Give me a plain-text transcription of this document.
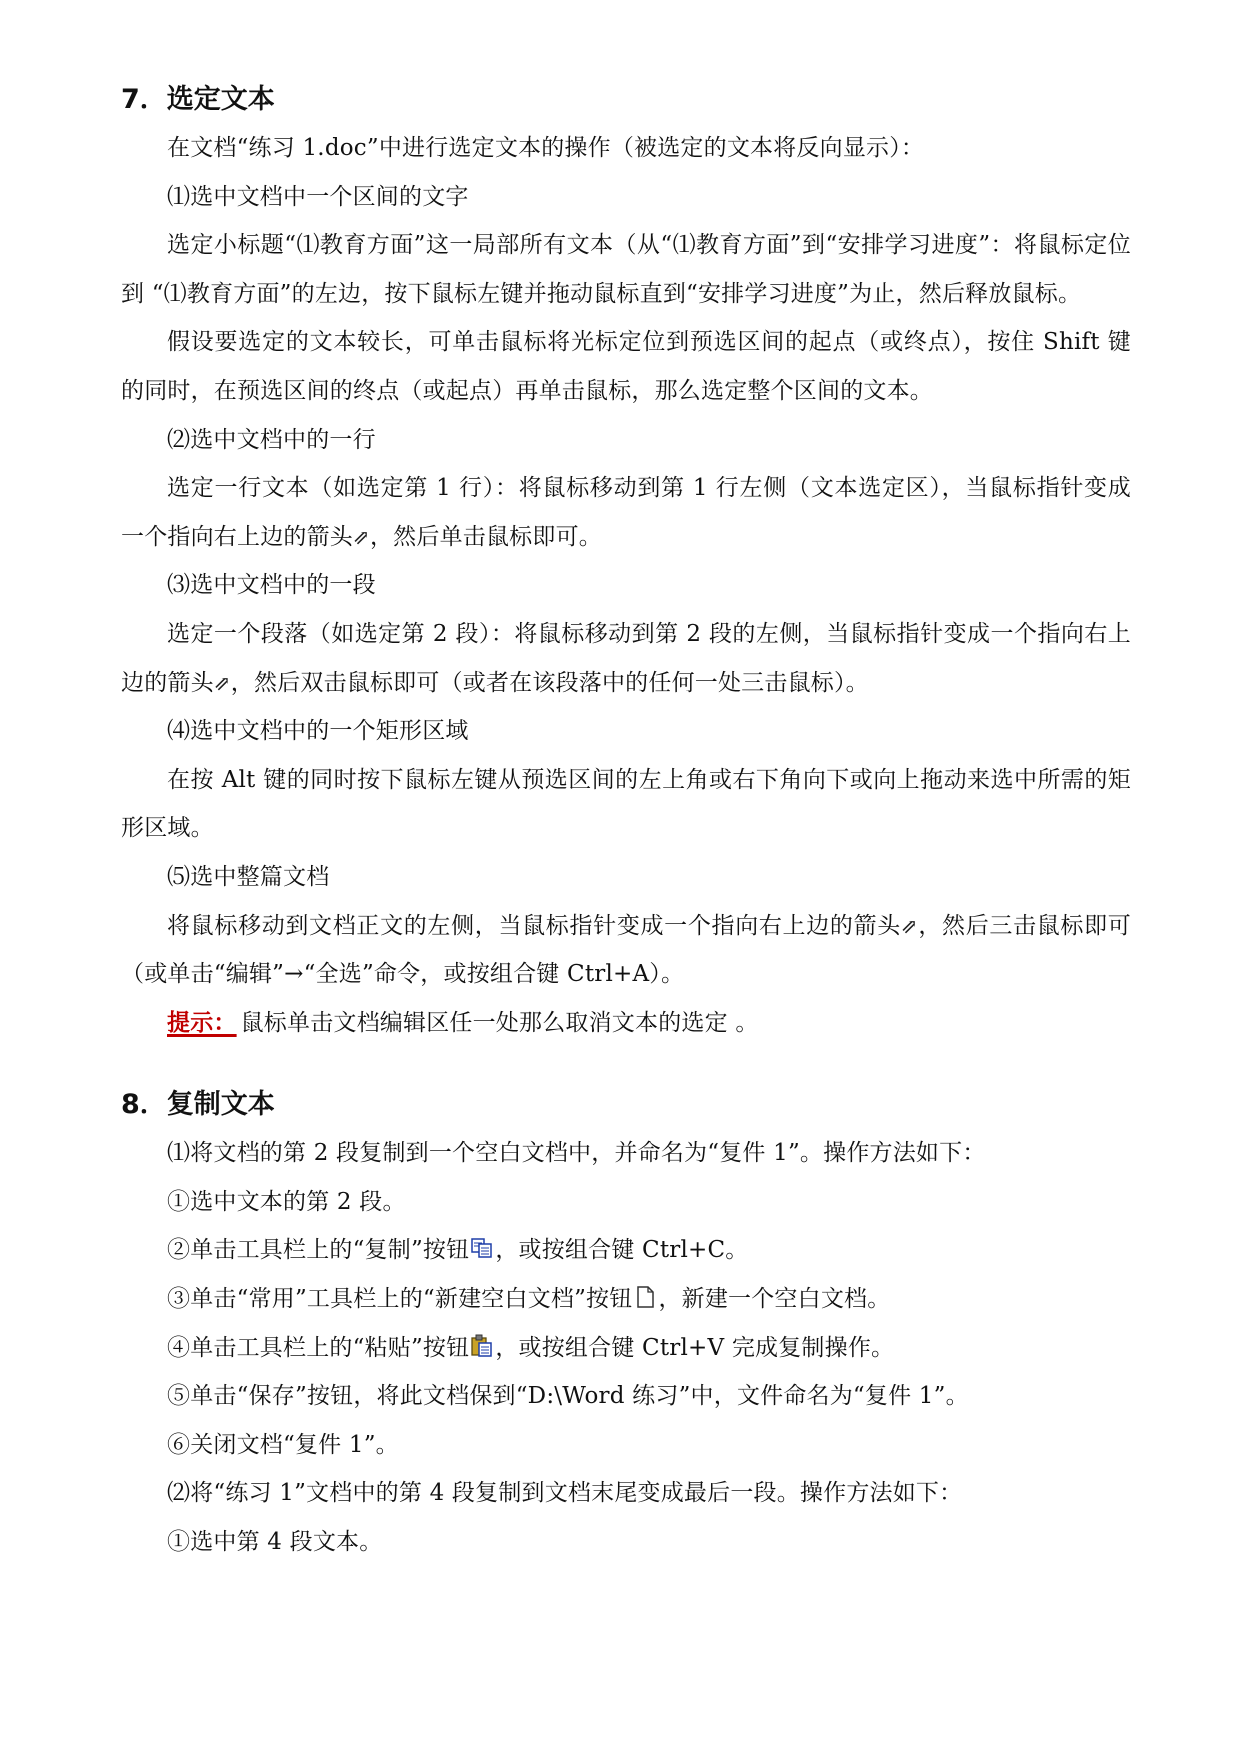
7．选定文本

在文档“练习 1.doc”中进行选定文本的操作（被选定的文本将反向显示）：

⑴选中文档中一个区间的文字

选定小标题“⑴教育方面”这一局部所有文本（从“⑴教育方面”到“安排学习进度”：将鼠标定位到 “⑴教育方面”的左边，按下鼠标左键并拖动鼠标直到“安排学习进度”为止，然后释放鼠标。

假设要选定的文本较长，可单击鼠标将光标定位到预选区间的起点（或终点），按住 Shift 键的同时，在预选区间的终点（或起点）再单击鼠标，那么选定整个区间的文本。

⑵选中文档中的一行

选定一行文本（如选定第 1 行）：将鼠标移动到第 1 行左侧（文本选定区），当鼠标指针变成一个指向右上边的箭头⇗，然后单击鼠标即可。

⑶选中文档中的一段

选定一个段落（如选定第 2 段）：将鼠标移动到第 2 段的左侧，当鼠标指针变成一个指向右上边的箭头⇗，然后双击鼠标即可（或者在该段落中的任何一处三击鼠标）。

⑷选中文档中的一个矩形区域

在按 Alt 键的同时按下鼠标左键从预选区间的左上角或右下角向下或向上拖动来选中所需的矩形区域。

⑸选中整篇文档

将鼠标移动到文档正文的左侧，当鼠标指针变成一个指向右上边的箭头⇗，然后三击鼠标即可（或单击“编辑”→“全选”命令，或按组合键 Ctrl+A）。

提示： 鼠标单击文档编辑区任一处那么取消文本的选定 。

8．复制文本

⑴将文档的第 2 段复制到一个空白文档中，并命名为“复件 1”。操作方法如下：

①选中文本的第 2 段。

②单击工具栏上的“复制”按钮 ，或按组合键 Ctrl+C。

③单击“常用”工具栏上的“新建空白文档”按钮 ，新建一个空白文档。

④单击工具栏上的“粘贴”按钮 ，或按组合键 Ctrl+V 完成复制操作。

⑤单击“保存”按钮，将此文档保到“D:\Word 练习”中，文件命名为“复件 1”。

⑥关闭文档“复件 1”。

⑵将“练习 1”文档中的第 4 段复制到文档末尾变成最后一段。操作方法如下：

①选中第 4 段文本。
